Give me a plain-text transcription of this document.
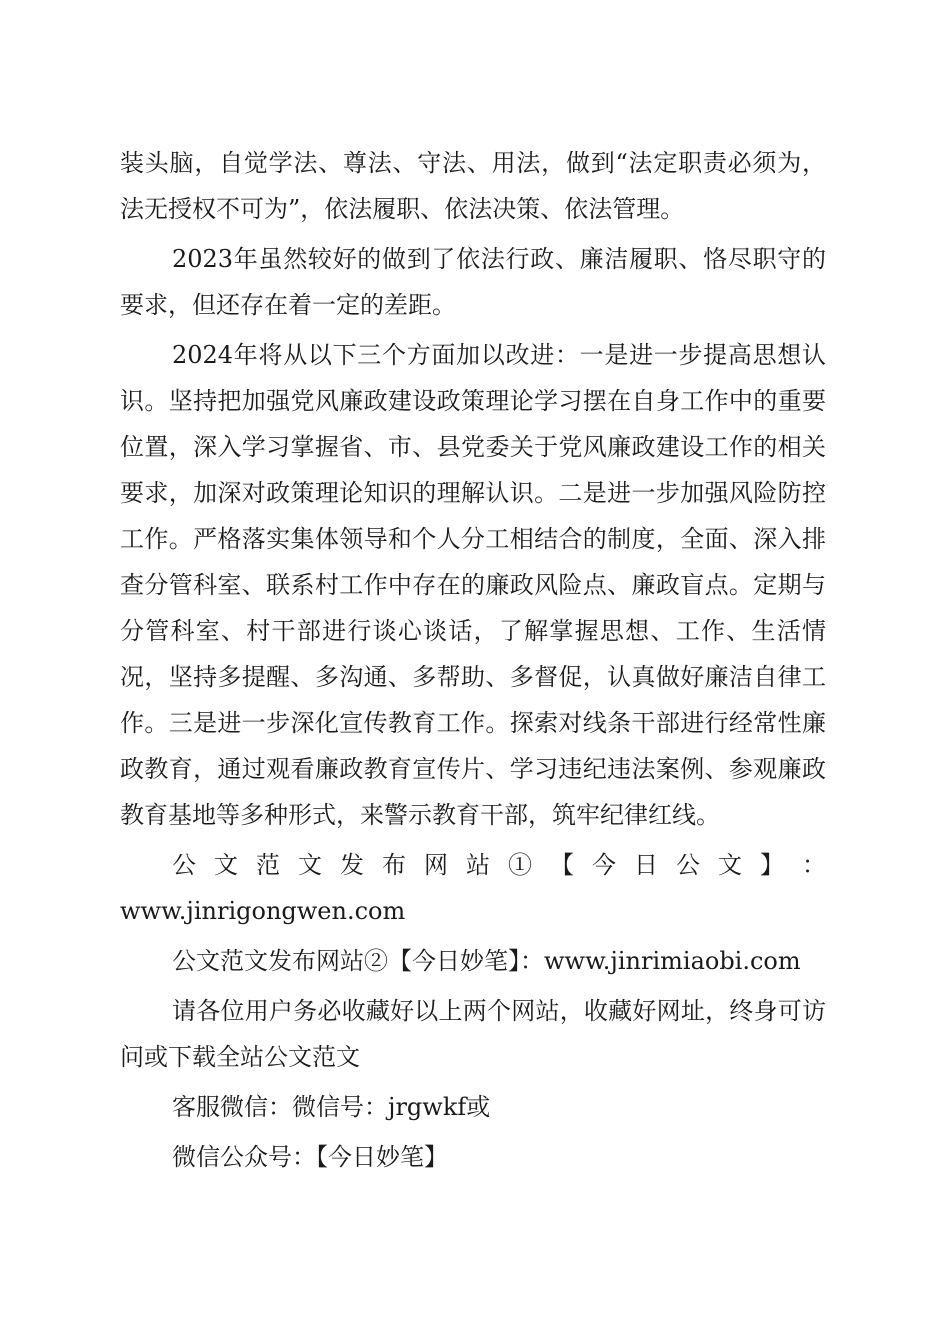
装头脑，自觉学法、尊法、守法、用法，做到“法定职责必须为，法无授权不可为”，依法履职、依法决策、依法管理。

2023年虽然较好的做到了依法行政、廉洁履职、恪尽职守的要求，但还存在着一定的差距。

2024年将从以下三个方面加以改进：一是进一步提高思想认识。坚持把加强党风廉政建设政策理论学习摆在自身工作中的重要位置，深入学习掌握省、市、县党委关于党风廉政建设工作的相关要求，加深对政策理论知识的理解认识。二是进一步加强风险防控工作。严格落实集体领导和个人分工相结合的制度，全面、深入排查分管科室、联系村工作中存在的廉政风险点、廉政盲点。定期与分管科室、村干部进行谈心谈话，了解掌握思想、工作、生活情况，坚持多提醒、多沟通、多帮助、多督促，认真做好廉洁自律工作。三是进一步深化宣传教育工作。探索对线条干部进行经常性廉政教育，通过观看廉政教育宣传片、学习违纪违法案例、参观廉政教育基地等多种形式，来警示教育干部，筑牢纪律红线。

公 文 范 文 发 布 网 站 ① 【 今 日 公 文 】 ：
www.jinrigongwen.com

公文范文发布网站②【今日妙笔】：www.jinrimiaobi.com

请各位用户务必收藏好以上两个网站，收藏好网址，终身可访问或下载全站公文范文

客服微信：微信号：jrgwkf或

微信公众号：【今日妙笔】
